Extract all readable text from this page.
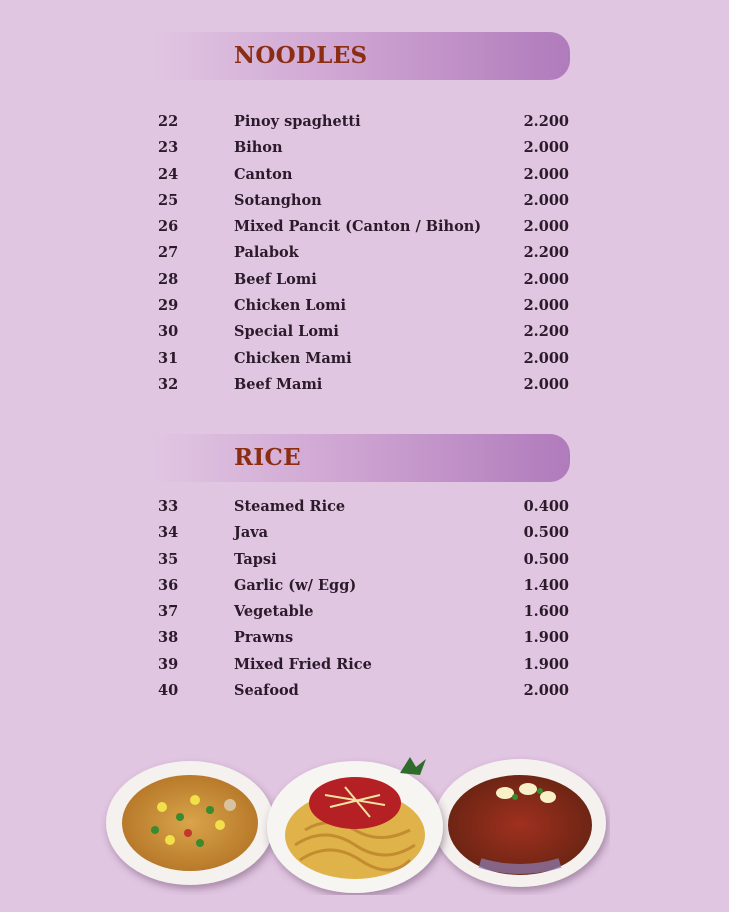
NOODLES
22	Pinoy spaghetti	2.200
23	Bihon	2.000
24	Canton	2.000
25	Sotanghon	2.000
26	Mixed Pancit (Canton / Bihon)	2.000
27	Palabok	2.200
28	Beef Lomi	2.000
29	Chicken Lomi	2.000
30	Special Lomi	2.200
31	Chicken Mami	2.000
32	Beef Mami	2.000
RICE
33	Steamed Rice	0.400
34	Java	0.500
35	Tapsi	0.500
36	Garlic (w/ Egg)	1.400
37	Vegetable	1.600
38	Prawns	1.900
39	Mixed Fried Rice	1.900
40	Seafood	2.000
